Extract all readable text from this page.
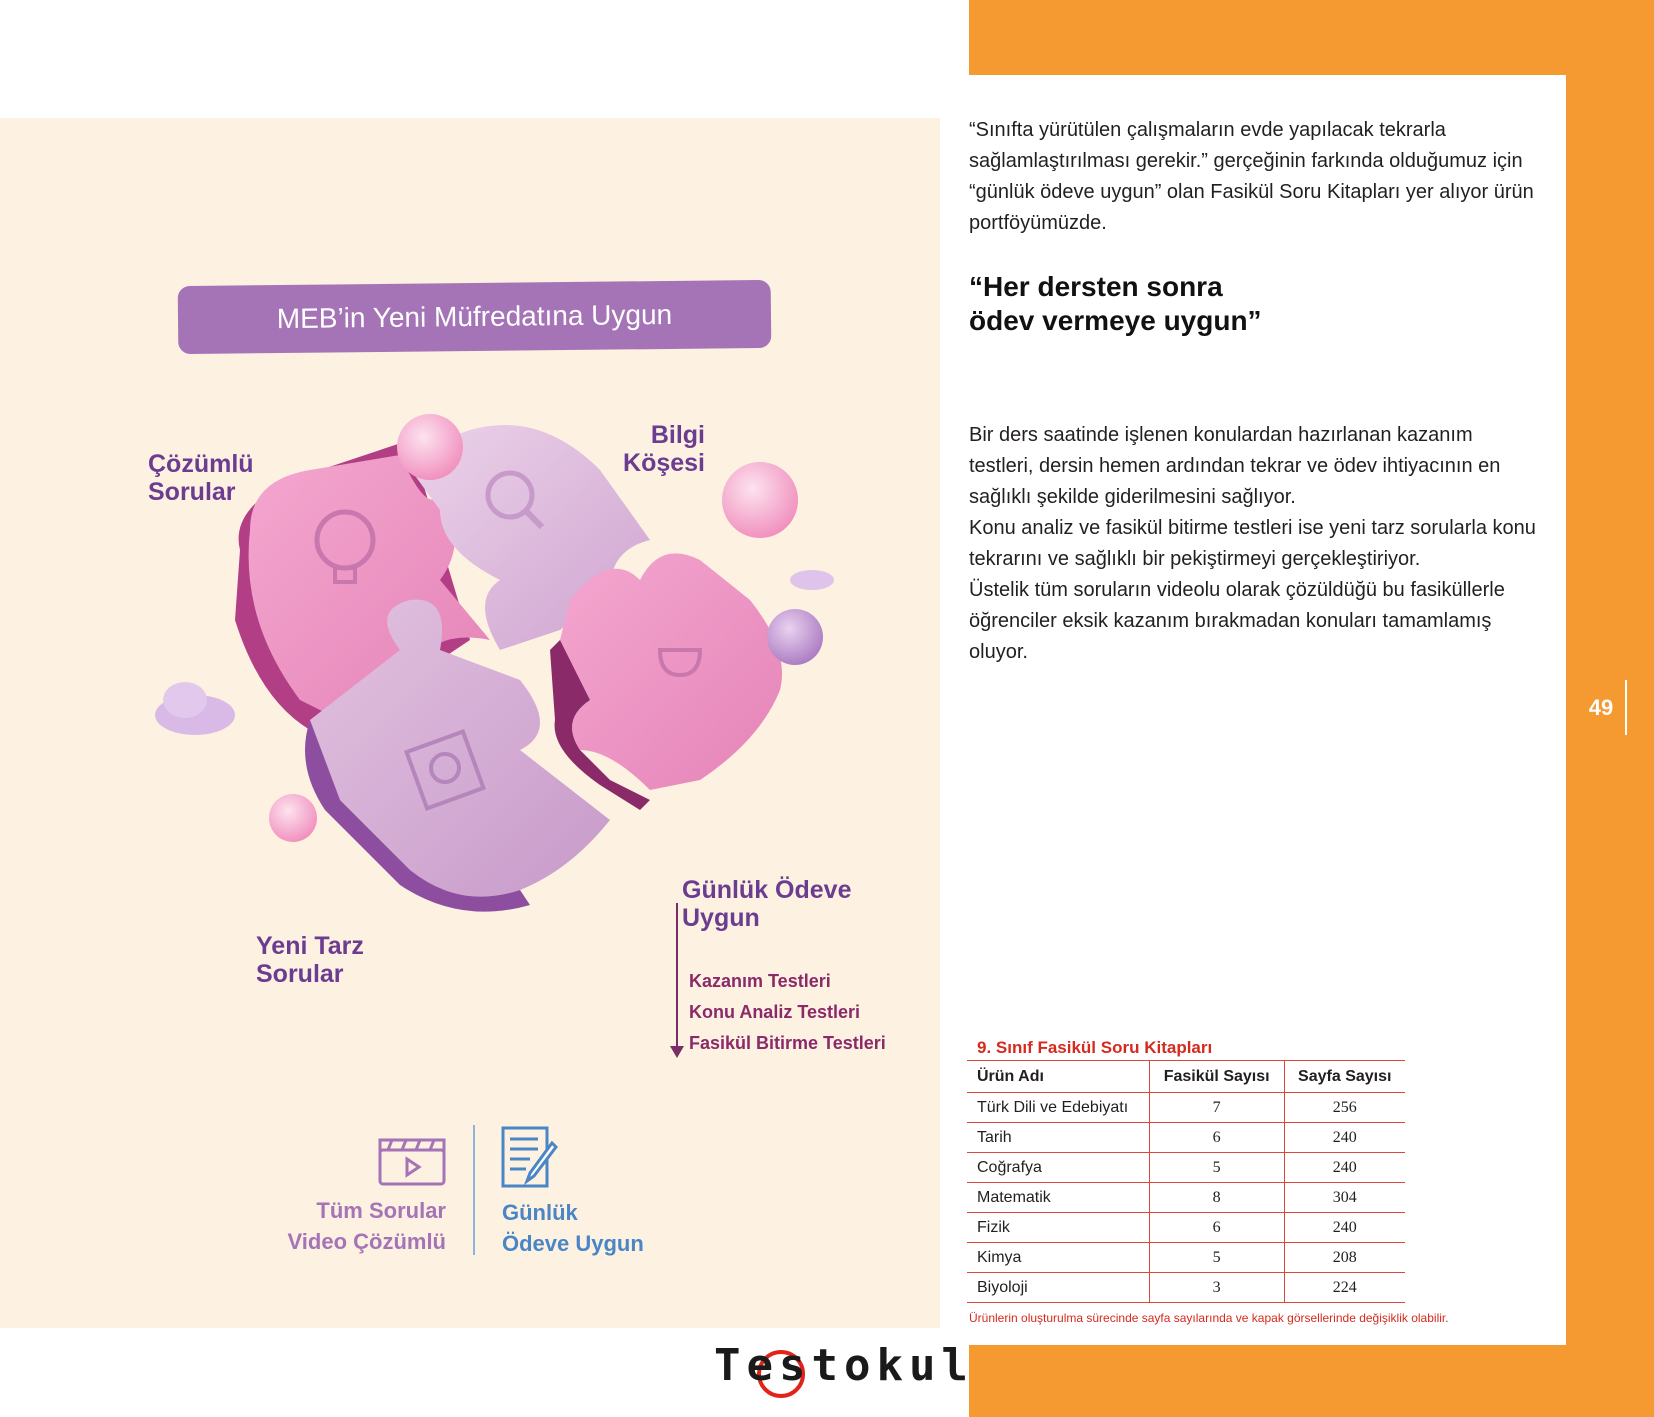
49
MEB’in Yeni Müfredatına Uygun
Çözümlü
Sorular
Bilgi
Köşesi
Yeni Tarz
Sorular
Günlük Ödeve
Uygun
Kazanım Testleri
Konu Analiz Testleri
Fasikül Bitirme Testleri
Tüm Sorular
Video Çözümlü
Günlük
Ödeve Uygun
Testokul
“Sınıfta yürütülen çalışmaların evde yapılacak tekrarla sağlamlaştırılması gerekir.” gerçeğinin farkında olduğumuz için “günlük ödeve uygun” olan Fasikül Soru Kitapları yer alıyor ürün portföyümüzde.
“Her dersten sonra
ödev vermeye uygun”

Bir ders saatinde işlenen konulardan hazırlanan kazanım testleri, dersin hemen ardından tekrar ve ödev ihtiyacının en sağlıklı şekilde giderilmesini sağlıyor.

Konu analiz ve fasikül bitirme testleri ise yeni tarz sorularla konu tekrarını ve sağlıklı bir pekiştirmeyi gerçekleştiriyor.

Üstelik tüm soruların videolu olarak çözüldüğü bu fasiküllerle öğrenciler eksik kazanım bırakmadan konuları tamamlamış oluyor.

9. Sınıf Fasikül Soru Kitapları
Ürün Adı	Fasikül Sayısı	Sayfa Sayısı
Türk Dili ve Edebiyatı	7	256
Tarih	6	240
Coğrafya	5	240
Matematik	8	304
Fizik	6	240
Kimya	5	208
Biyoloji	3	224
Ürünlerin oluşturulma sürecinde sayfa sayılarında ve kapak görsellerinde değişiklik olabilir.
